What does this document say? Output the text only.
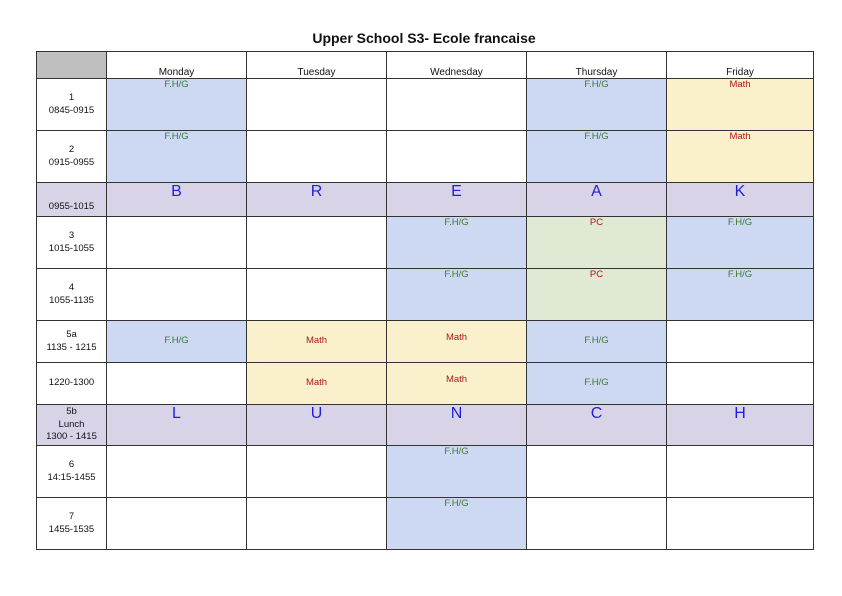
Upper School S3- Ecole francaise
	Monday	Tuesday	Wednesday	Thursday	Friday

1
0845-0915	F.H/G			F.H/G	Math

2
0915-0955	F.H/G			F.H/G	Math

0955-1015	B	R	E	A	K

3
1015-1055			F.H/G	PC	F.H/G

4
1055-1135			F.H/G	PC	F.H/G

5a
1135 - 1215	F.H/G	Math	Math	F.H/G	

1220-1300		Math	Math	F.H/G	

5b
Lunch
1300 - 1415	L	U	N	C	H

6
14:15-1455			F.H/G		

7
1455-1535			F.H/G		
